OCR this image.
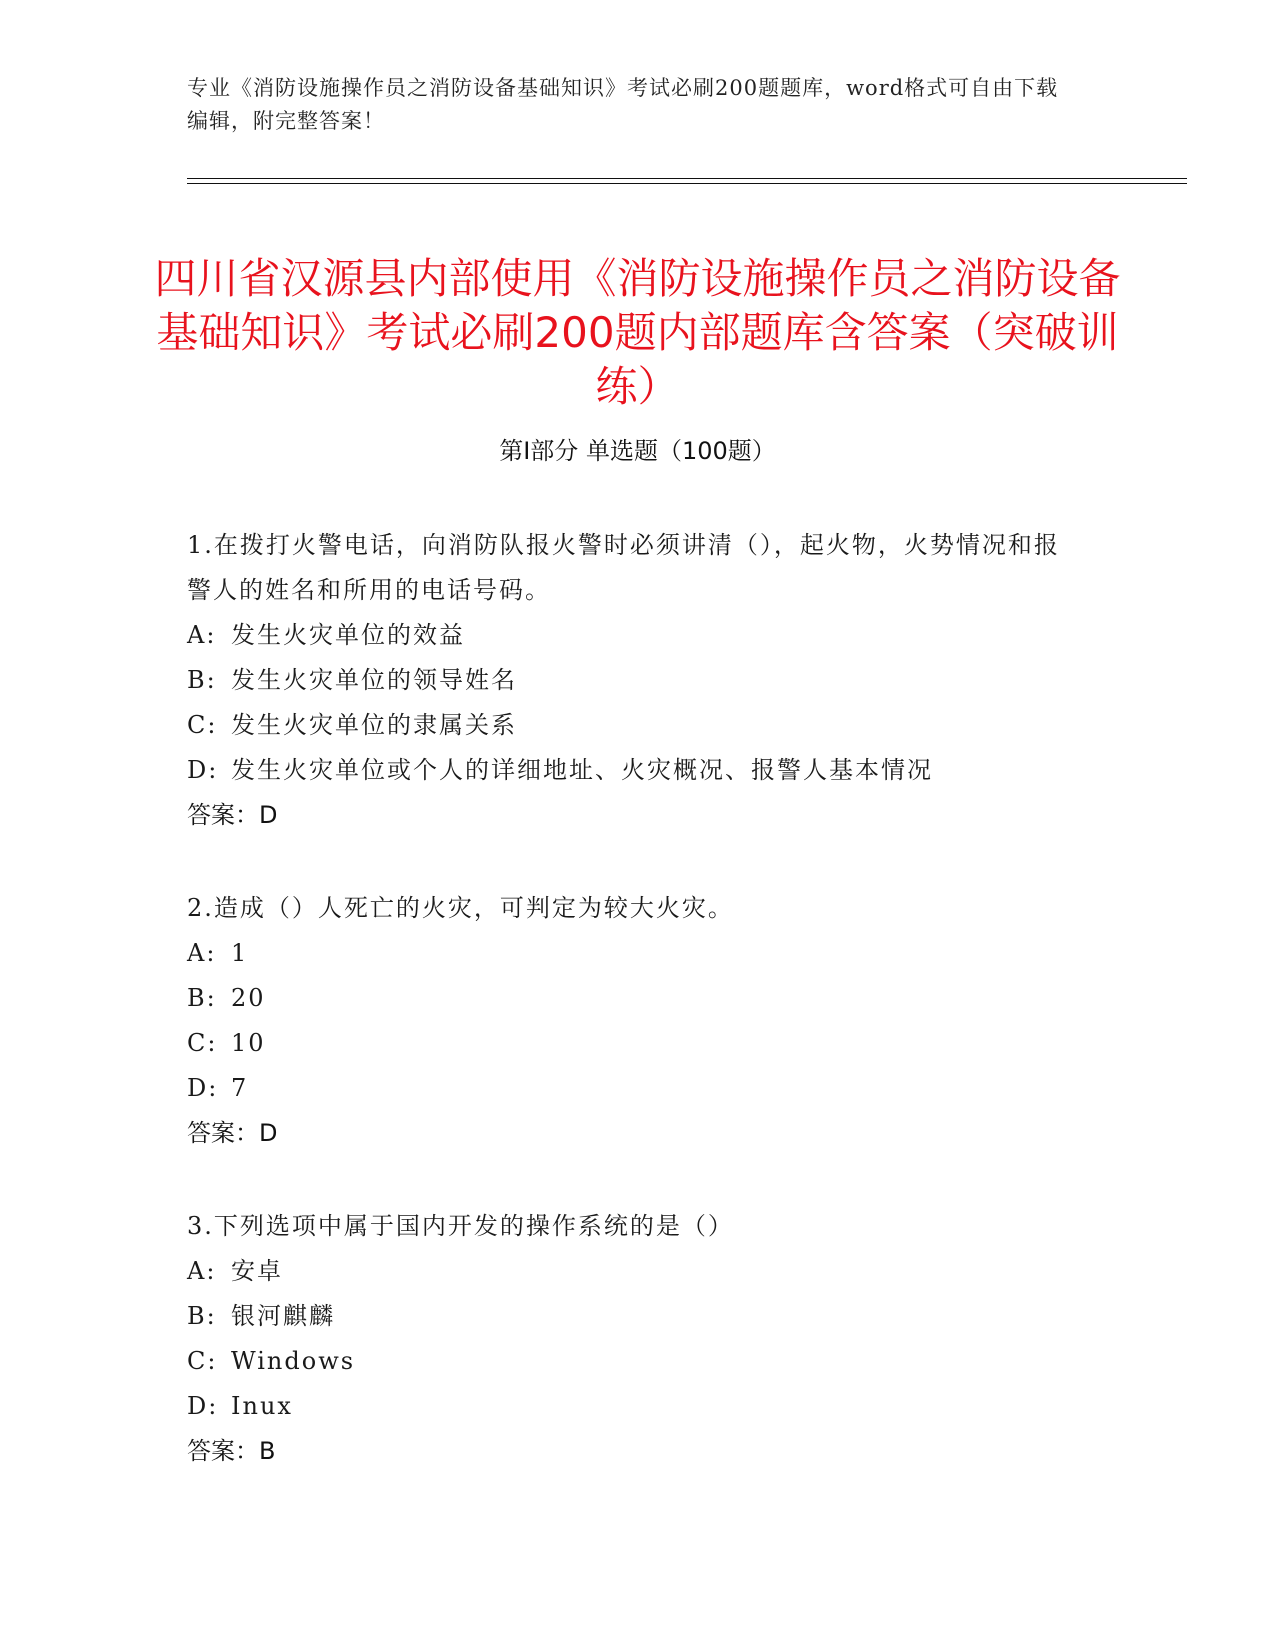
专业《消防设施操作员之消防设备基础知识》考试必刷200题题库，word格式可自由下载编辑，附完整答案！
四川省汉源县内部使用《消防设施操作员之消防设备基础知识》考试必刷200题内部题库含答案（突破训练）
第Ⅰ部分 单选题（100题）
1.在拨打火警电话，向消防队报火警时必须讲清（），起火物，火势情况和报警人的姓名和所用的电话号码。
A: 发生火灾单位的效益
B: 发生火灾单位的领导姓名
C: 发生火灾单位的隶属关系
D: 发生火灾单位或个人的详细地址、火灾概况、报警人基本情况
答案：D
2.造成（）人死亡的火灾，可判定为较大火灾。
A: 1
B: 20
C: 10
D: 7
答案：D
3.下列选项中属于国内开发的操作系统的是（）
A: 安卓
B: 银河麒麟
C: Windows
D: Inux
答案：B
